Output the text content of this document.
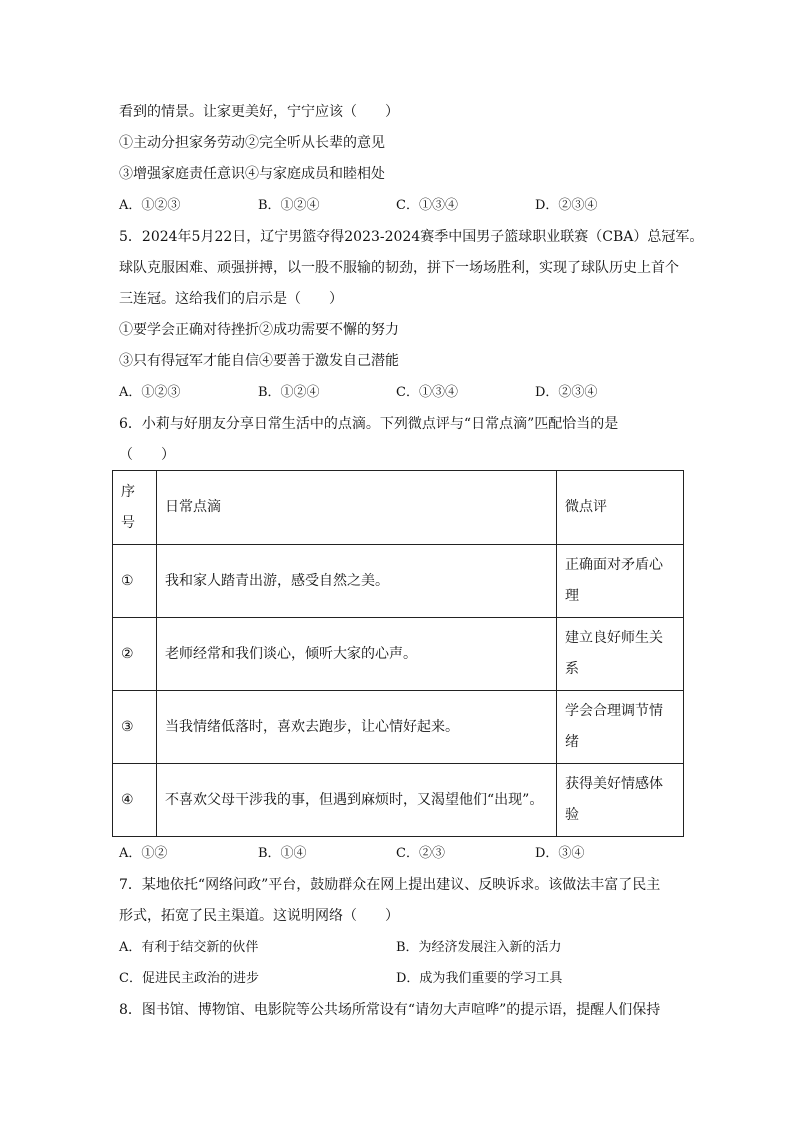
看到的情景。让家更美好，宁宁应该（　　）
①主动分担家务劳动②完全听从长辈的意见
③增强家庭责任意识④与家庭成员和睦相处
A．①②③	B．①②④	C．①③④	D．②③④
5．2024年5月22日，辽宁男篮夺得2023-2024赛季中国男子篮球职业联赛（CBA）总冠军。
球队克服困难、顽强拼搏，以一股不服输的韧劲，拼下一场场胜利，实现了球队历史上首个
三连冠。这给我们的启示是（　　）
①要学会正确对待挫折②成功需要不懈的努力
③只有得冠军才能自信④要善于激发自己潜能
A．①②③	B．①②④	C．①③④	D．②③④
6．小莉与好朋友分享日常生活中的点滴。下列微点评与“日常点滴”匹配恰当的是
（　　）
序号	日常点滴	微点评
①	我和家人踏青出游，感受自然之美。	正确面对矛盾心理
②	老师经常和我们谈心，倾听大家的心声。	建立良好师生关系
③	当我情绪低落时，喜欢去跑步，让心情好起来。	学会合理调节情绪
④	不喜欢父母干涉我的事，但遇到麻烦时，又渴望他们“出现”。	获得美好情感体验
A．①②	B．①④	C．②③	D．③④
7．某地依托“网络问政”平台，鼓励群众在网上提出建议、反映诉求。该做法丰富了民主
形式，拓宽了民主渠道。这说明网络（　　）
A．有利于结交新的伙伴	B．为经济发展注入新的活力
C．促进民主政治的进步	D．成为我们重要的学习工具
8．图书馆、博物馆、电影院等公共场所常设有“请勿大声喧哗”的提示语，提醒人们保持
